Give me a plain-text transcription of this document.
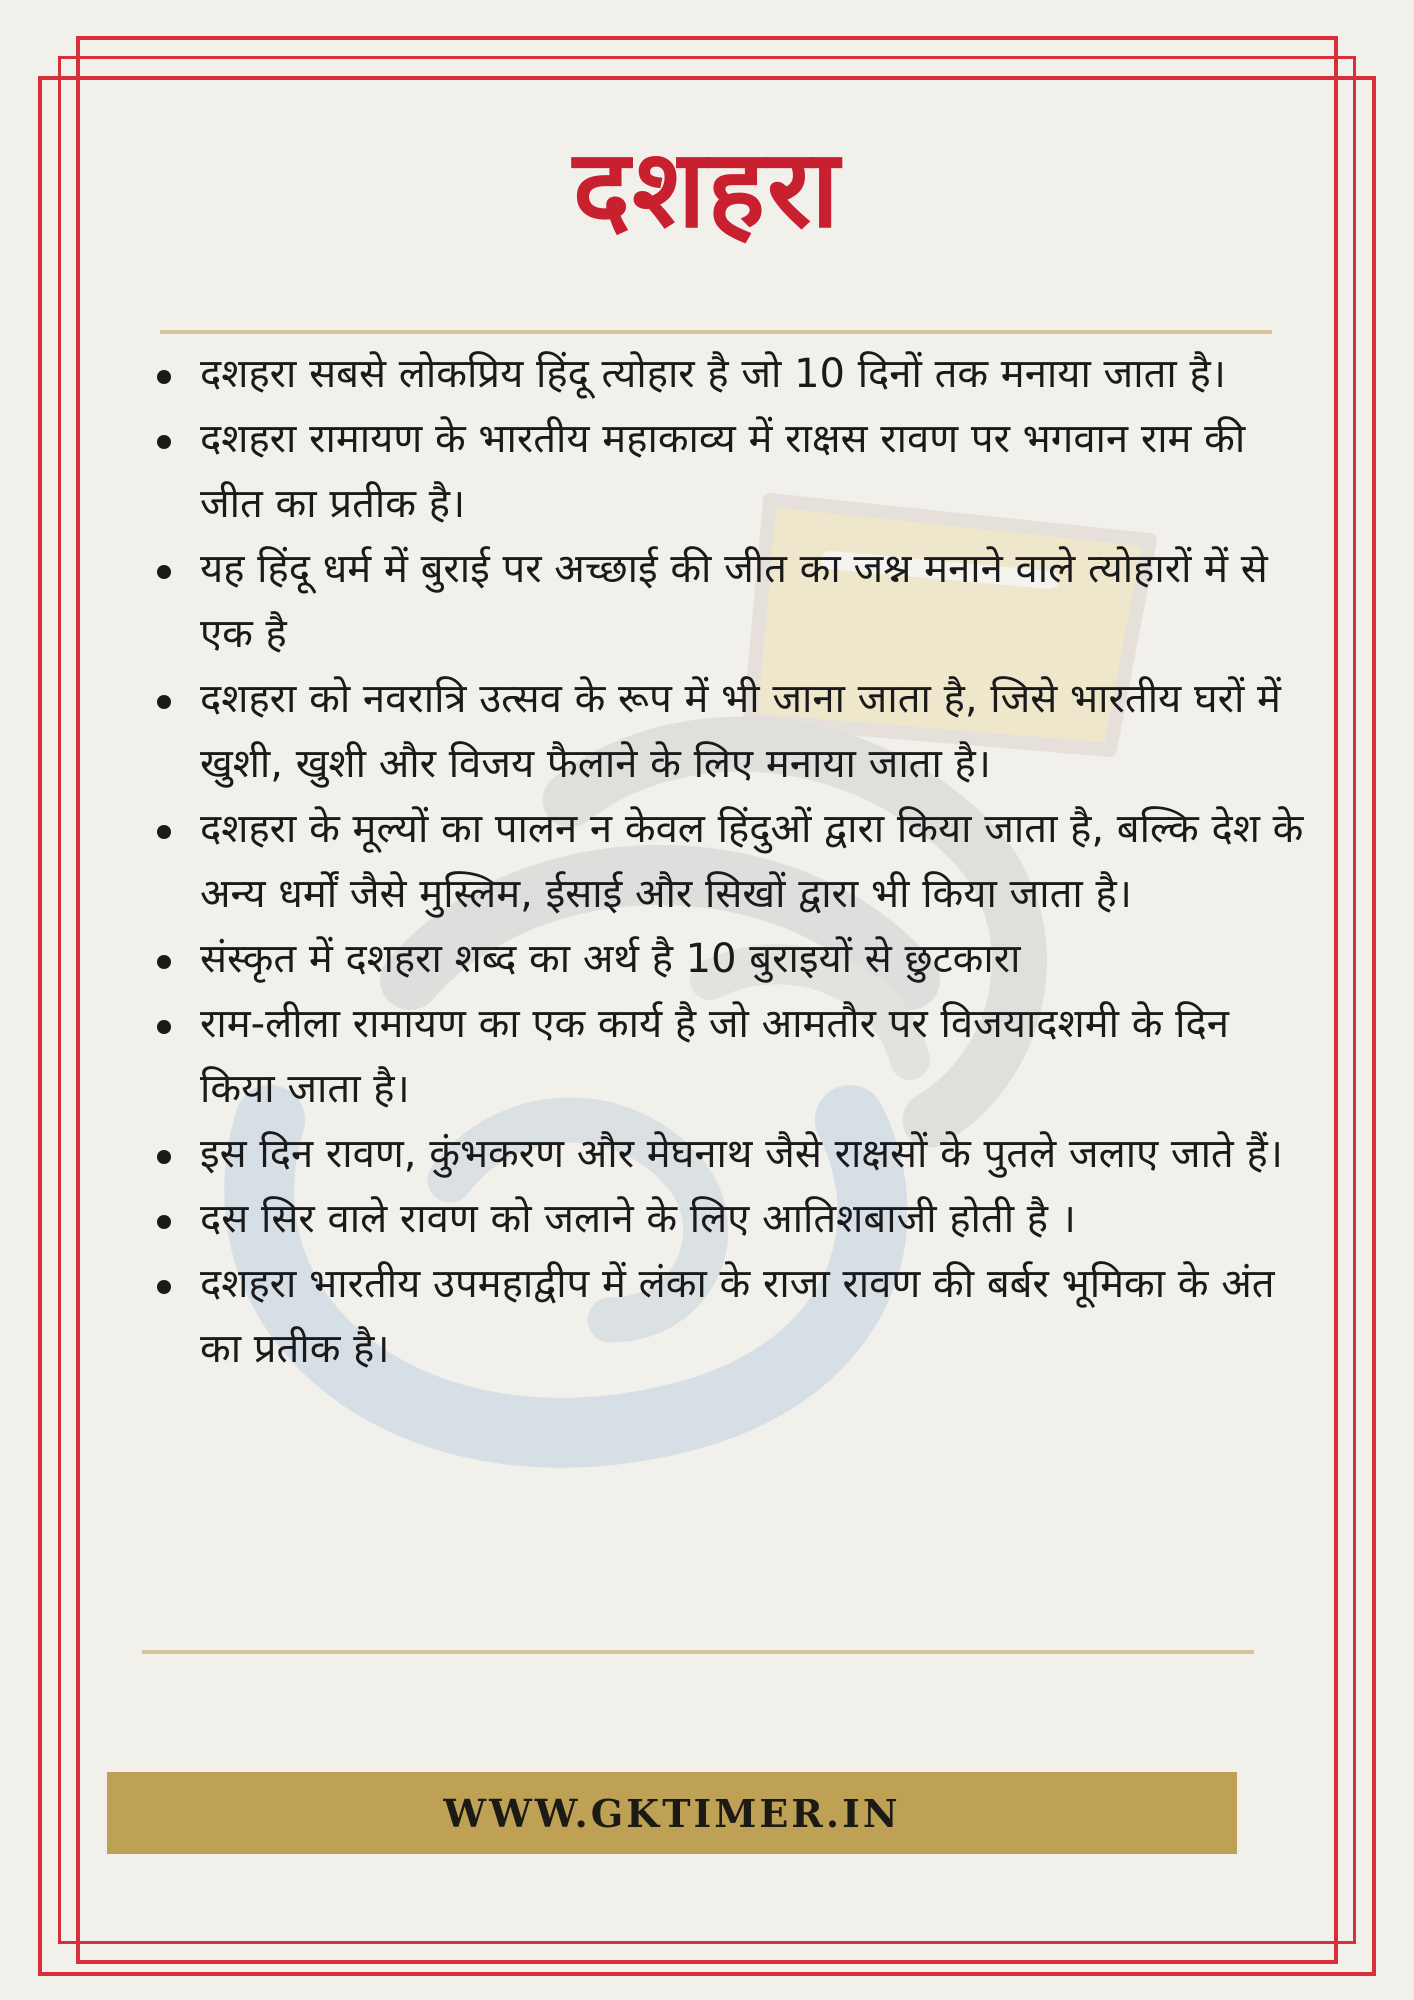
दशहरा
दशहरा सबसे लोकप्रिय हिंदू त्योहार है जो 10 दिनों तक मनाया जाता है।
दशहरा रामायण के भारतीय महाकाव्य में राक्षस रावण पर भगवान राम की जीत का प्रतीक है।
यह हिंदू धर्म में बुराई पर अच्छाई की जीत का जश्न मनाने वाले त्योहारों में से एक है
दशहरा को नवरात्रि उत्सव के रूप में भी जाना जाता है, जिसे भारतीय घरों में खुशी, खुशी और विजय फैलाने के लिए मनाया जाता है।
दशहरा के मूल्यों का पालन न केवल हिंदुओं द्वारा किया जाता है, बल्कि देश के अन्य धर्मों जैसे मुस्लिम, ईसाई और सिखों द्वारा भी किया जाता है।
संस्कृत में दशहरा शब्द का अर्थ है 10 बुराइयों से छुटकारा
राम-लीला रामायण का एक कार्य है जो आमतौर पर विजयादशमी के दिन किया जाता है।
इस दिन रावण, कुंभकरण और मेघनाथ जैसे राक्षसों के पुतले जलाए जाते हैं।
दस सिर वाले रावण को जलाने के लिए आतिशबाजी होती है ।
दशहरा भारतीय उपमहाद्वीप में लंका के राजा रावण की बर्बर भूमिका के अंत का प्रतीक है।
WWW.GKTIMER.IN
